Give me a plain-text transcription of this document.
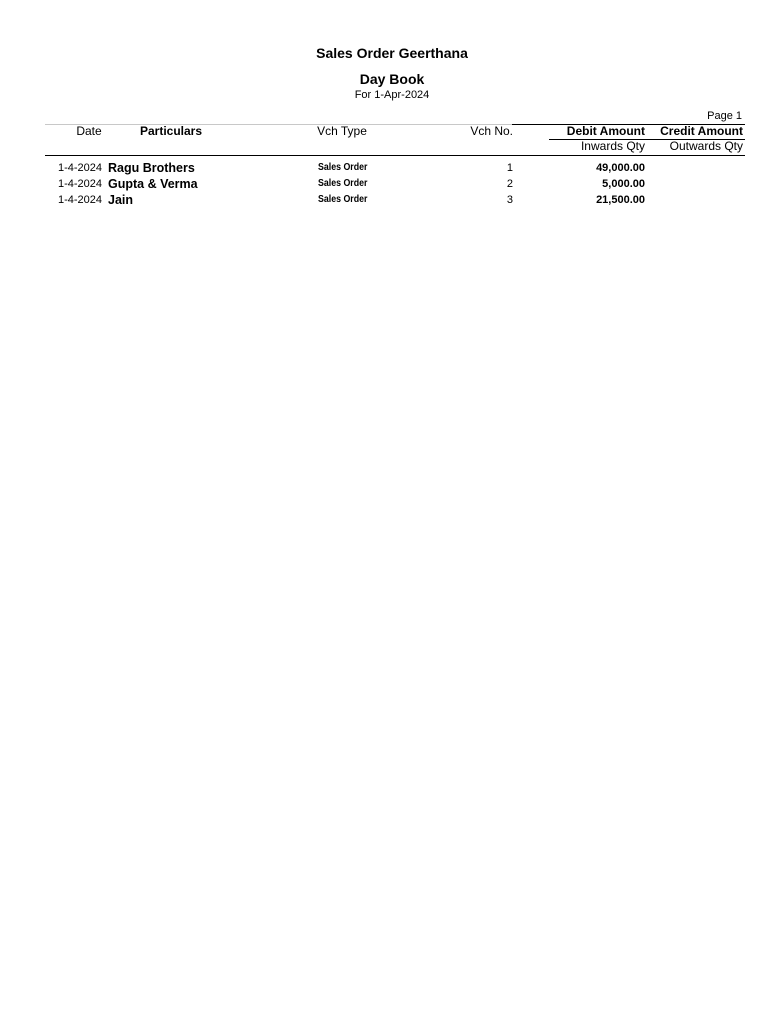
Sales Order Geerthana
Day Book
For 1-Apr-2024
Page 1
Date	Particulars	Vch Type	Vch No.	Debit Amount	Credit Amount
Inwards Qty	Outwards Qty
1-4-2024 Ragu Brothers	Sales Order	1	49,000.00
1-4-2024 Gupta & Verma	Sales Order	2	5,000.00
1-4-2024 Jain	Sales Order	3	21,500.00
